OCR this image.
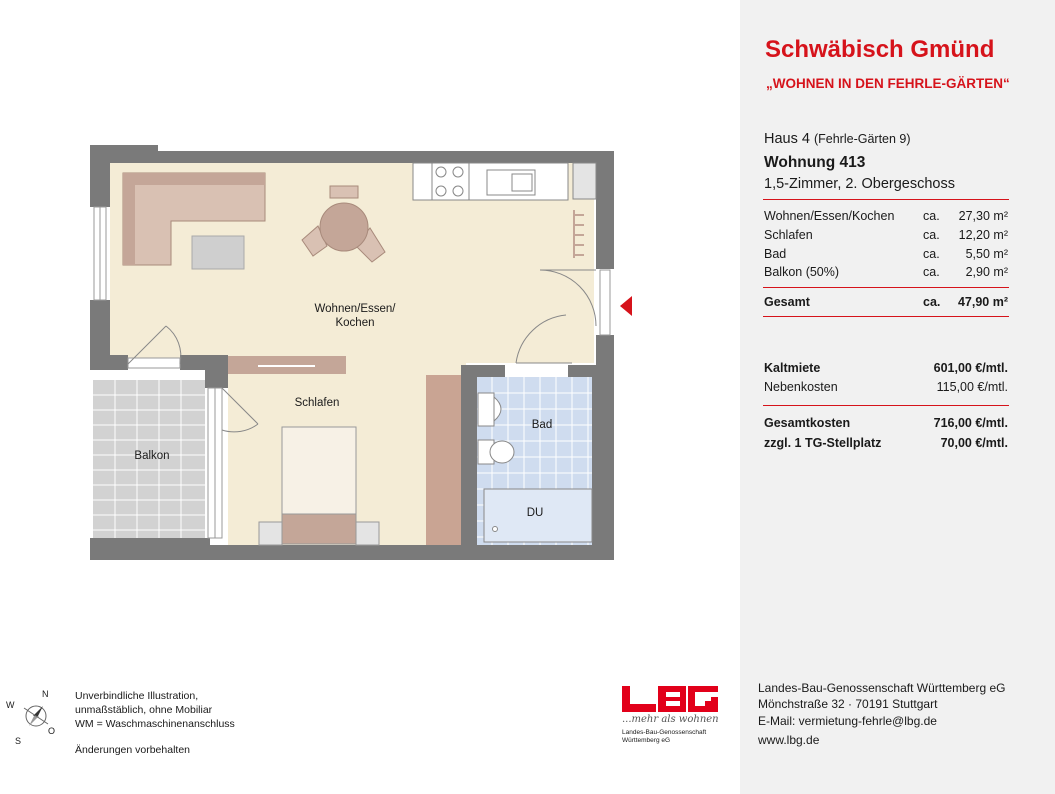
Wohnen/Essen/
Kochen
Schlafen
Bad
DU
Balkon
N
O
S
W
Unverbindliche Illustration,
unmaßstäblich, ohne Mobiliar
WM = Waschmaschinenanschluss
Änderungen vorbehalten
...mehr als wohnen
Landes-Bau-Genossenschaft
Württemberg eG
Schwäbisch Gmünd
„WOHNEN IN DEN FEHRLE-GÄRTEN“
Haus 4 (Fehrle-Gärten 9)
Wohnung 413
1,5-Zimmer, 2. Obergeschoss
Wohnen/Essen/Kochen ca. 27,30 m²
Schlafen	ca. 12,20 m²
Bad	ca. 5,50 m²
Balkon (50%)	ca. 2,90 m²
Gesamt	ca. 47,90 m²
Kaltmiete	601,00 €/mtl.
Nebenkosten	115,00 €/mtl.
Gesamtkosten	716,00 €/mtl.
zzgl. 1 TG-Stellplatz	70,00 €/mtl.
Landes-Bau-Genossenschaft Württemberg eG
Mönchstraße 32 · 70191 Stuttgart
E-Mail: vermietung-fehrle@lbg.de
www.lbg.de
